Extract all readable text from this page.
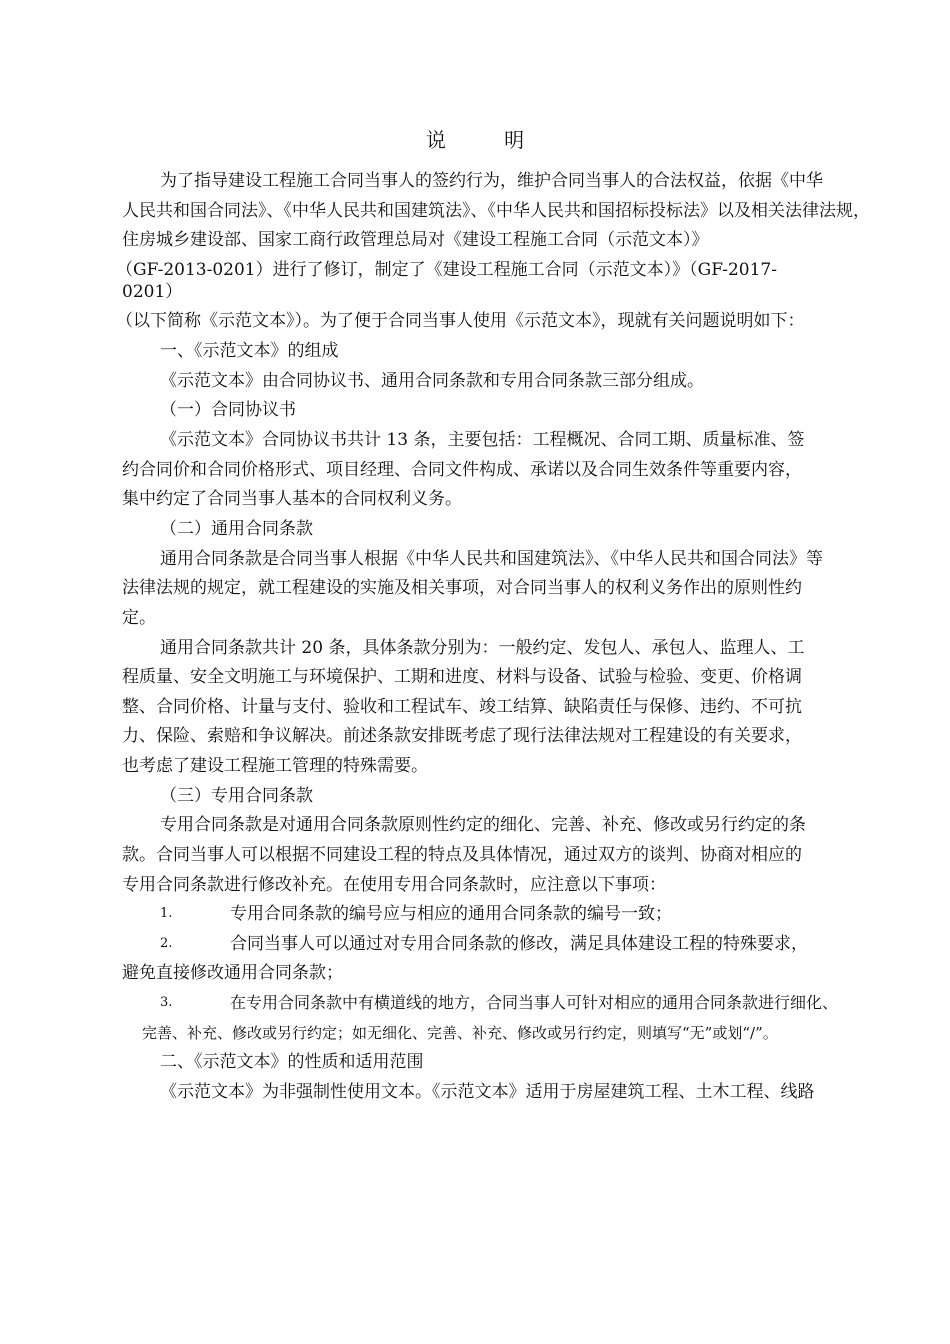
说 明
为了指导建设工程施工合同当事人的签约行为，维护合同当事人的合法权益，依据《中华
人民共和国合同法》、《中华人民共和国建筑法》、《中华人民共和国招标投标法》以及相关法律法规，
住房城乡建设部、国家工商行政管理总局对《建设工程施工合同（示范文本）》
（GF-2013-0201）进行了修订，制定了《建设工程施工合同（示范文本）》（GF-2017-
0201）
（以下简称《示范文本》）。为了便于合同当事人使用《示范文本》，现就有关问题说明如下：
一、《示范文本》的组成
《示范文本》由合同协议书、通用合同条款和专用合同条款三部分组成。
（一）合同协议书
《示范文本》合同协议书共计 13 条，主要包括：工程概况、合同工期、质量标准、签
约合同价和合同价格形式、项目经理、合同文件构成、承诺以及合同生效条件等重要内容，
集中约定了合同当事人基本的合同权利义务。
（二）通用合同条款
通用合同条款是合同当事人根据《中华人民共和国建筑法》、《中华人民共和国合同法》等
法律法规的规定，就工程建设的实施及相关事项，对合同当事人的权利义务作出的原则性约
定。
通用合同条款共计 20 条，具体条款分别为：一般约定、发包人、承包人、监理人、工
程质量、安全文明施工与环境保护、工期和进度、材料与设备、试验与检验、变更、价格调
整、合同价格、计量与支付、验收和工程试车、竣工结算、缺陷责任与保修、违约、不可抗
力、保险、索赔和争议解决。前述条款安排既考虑了现行法律法规对工程建设的有关要求，
也考虑了建设工程施工管理的特殊需要。
（三）专用合同条款
专用合同条款是对通用合同条款原则性约定的细化、完善、补充、修改或另行约定的条
款。合同当事人可以根据不同建设工程的特点及具体情况，通过双方的谈判、协商对相应的
专用合同条款进行修改补充。在使用专用合同条款时，应注意以下事项：
1.	专用合同条款的编号应与相应的通用合同条款的编号一致；
2.	合同当事人可以通过对专用合同条款的修改，满足具体建设工程的特殊要求，
避免直接修改通用合同条款；
3.	在专用合同条款中有横道线的地方，合同当事人可针对相应的通用合同条款进行细化、
完善、补充、修改或另行约定；如无细化、完善、补充、修改或另行约定，则填写“无”或划“/”。
二、《示范文本》的性质和适用范围
《示范文本》为非强制性使用文本。《示范文本》适用于房屋建筑工程、土木工程、线路
